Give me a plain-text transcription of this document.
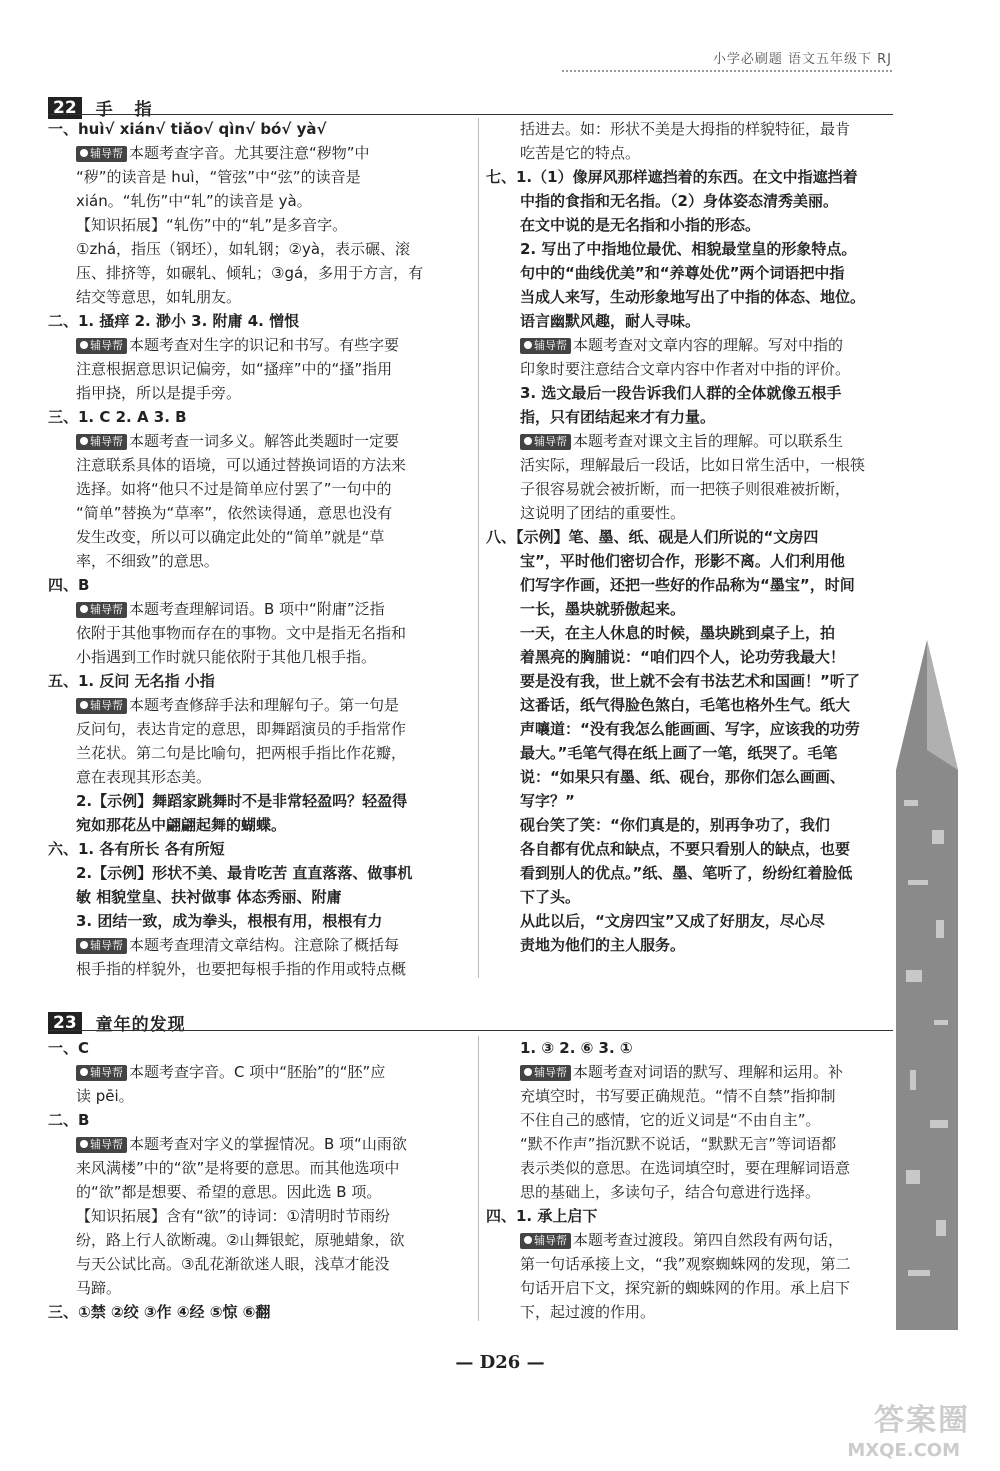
小学必刷题 语文五年级下 RJ
22 手 指
一、huì√ xián√ tiǎo√ qìn√ bó√ yà√
辅导帮 本题考查字音。尤其要注意“秽物”中
“秽”的读音是 huì，“管弦”中“弦”的读音是
xián。“轧伤”中“轧”的读音是 yà。
【知识拓展】“轧伤”中的“轧”是多音字。
①zhá，指压（钢坯），如轧钢；②yà，表示碾、滚
压、排挤等，如碾轧、倾轧；③gá，多用于方言，有
结交等意思，如轧朋友。
二、1. 搔痒 2. 渺小 3. 附庸 4. 憎恨
辅导帮 本题考查对生字的识记和书写。有些字要
注意根据意思识记偏旁，如“搔痒”中的“搔”指用
指甲挠，所以是提手旁。
三、1. C 2. A 3. B
辅导帮 本题考查一词多义。解答此类题时一定要
注意联系具体的语境，可以通过替换词语的方法来
选择。如将“他只不过是简单应付罢了”一句中的
“简单”替换为“草率”，依然读得通，意思也没有
发生改变，所以可以确定此处的“简单”就是“草
率，不细致”的意思。
四、B
辅导帮 本题考查理解词语。B 项中“附庸”泛指
依附于其他事物而存在的事物。文中是指无名指和
小指遇到工作时就只能依附于其他几根手指。
五、1. 反问 无名指 小指
辅导帮 本题考查修辞手法和理解句子。第一句是
反问句，表达肯定的意思，即舞蹈演员的手指常作
兰花状。第二句是比喻句，把两根手指比作花瓣，
意在表现其形态美。
2.【示例】舞蹈家跳舞时不是非常轻盈吗？轻盈得
宛如那花丛中翩翩起舞的蝴蝶。
六、1. 各有所长 各有所短
2.【示例】形状不美、最肯吃苦 直直落落、做事机
敏 相貌堂皇、扶衬做事 体态秀丽、附庸
3. 团结一致，成为拳头，根根有用，根根有力
辅导帮 本题考查理清文章结构。注意除了概括每
根手指的样貌外，也要把每根手指的作用或特点概
括进去。如：形状不美是大拇指的样貌特征，最肯
吃苦是它的特点。
七、1.（1）像屏风那样遮挡着的东西。在文中指遮挡着
中指的食指和无名指。（2）身体姿态清秀美丽。
在文中说的是无名指和小指的形态。
2. 写出了中指地位最优、相貌最堂皇的形象特点。
句中的“曲线优美”和“养尊处优”两个词语把中指
当成人来写，生动形象地写出了中指的体态、地位。
语言幽默风趣，耐人寻味。
辅导帮 本题考查对文章内容的理解。写对中指的
印象时要注意结合文章内容中作者对中指的评价。
3. 选文最后一段告诉我们人群的全体就像五根手
指，只有团结起来才有力量。
辅导帮 本题考查对课文主旨的理解。可以联系生
活实际，理解最后一段话，比如日常生活中，一根筷
子很容易就会被折断，而一把筷子则很难被折断，
这说明了团结的重要性。
八、【示例】笔、墨、纸、砚是人们所说的“文房四
宝”，平时他们密切合作，形影不离。人们利用他
们写字作画，还把一些好的作品称为“墨宝”，时间
一长，墨块就骄傲起来。
一天，在主人休息的时候，墨块跳到桌子上，拍
着黑亮的胸脯说：“咱们四个人，论功劳我最大！
要是没有我，世上就不会有书法艺术和国画！”听了
这番话，纸气得脸色煞白，毛笔也格外生气。纸大
声嚷道：“没有我怎么能画画、写字，应该我的功劳
最大。”毛笔气得在纸上画了一笔，纸哭了。毛笔
说：“如果只有墨、纸、砚台，那你们怎么画画、
写字？”
砚台笑了笑：“你们真是的，别再争功了，我们
各自都有优点和缺点，不要只看别人的缺点，也要
看到别人的优点。”纸、墨、笔听了，纷纷红着脸低
下了头。
从此以后，“文房四宝”又成了好朋友，尽心尽
责地为他们的主人服务。
23 童年的发现
一、C
辅导帮 本题考查字音。C 项中“胚胎”的“胚”应
读 pēi。
二、B
辅导帮 本题考查对字义的掌握情况。B 项“山雨欲
来风满楼”中的“欲”是将要的意思。而其他选项中
的“欲”都是想要、希望的意思。因此选 B 项。
【知识拓展】含有“欲”的诗词：①清明时节雨纷
纷，路上行人欲断魂。②山舞银蛇，原驰蜡象，欲
与天公试比高。③乱花渐欲迷人眼，浅草才能没
马蹄。
三、①禁 ②绞 ③作 ④经 ⑤惊 ⑥翻
1. ③ 2. ⑥ 3. ①
辅导帮 本题考查对词语的默写、理解和运用。补
充填空时，书写要正确规范。“情不自禁”指抑制
不住自己的感情，它的近义词是“不由自主”。
“默不作声”指沉默不说话，“默默无言”等词语都
表示类似的意思。在选词填空时，要在理解词语意
思的基础上，多读句子，结合句意进行选择。
四、1. 承上启下
辅导帮 本题考查过渡段。第四自然段有两句话，
第一句话承接上文，“我”观察蜘蛛网的发现，第二
句话开启下文，探究新的蜘蛛网的作用。承上启下
下，起过渡的作用。
— D26 —
答案圈
MXQE.COM
